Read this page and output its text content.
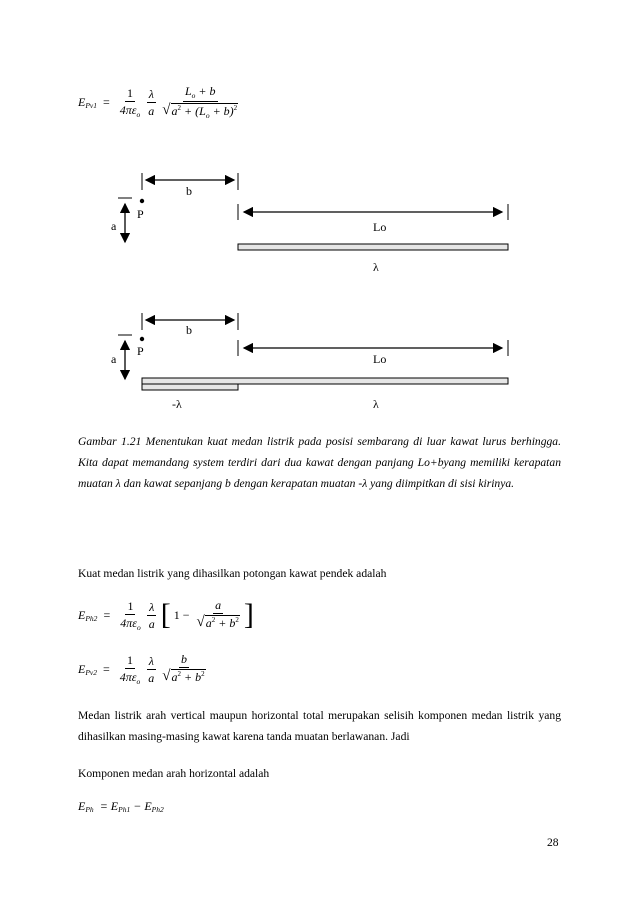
E $Pv1 = \frac{1}{4\pi\varepsilon_o} \frac{\lambda}{a} \frac{L_o + b}{√ a^2 + (L_o + b)^2}$
b
P
a	Lo
λ
b
P
a	Lo
-λ	λ
Gambar 1.21 Menentukan kuat medan listrik pada posisi sembarang di luar kawat lurus berhingga. Kita dapat memandang system terdiri dari dua kawat dengan panjang Lo+byang memiliki kerapatan muatan λ dan kawat sepanjang b dengan kerapatan muatan -λ yang diimpitkan di sisi kirinya.
Kuat medan listrik yang dihasilkan potongan kawat pendek adalah
E $Ph2 = \frac{1}{4\pi\varepsilon_o} \frac{\lambda}{a}$ [ $1 - \frac{a}{√ a^2 + b^2}$ ]
E $Pv2 = \frac{1}{4\pi\varepsilon_o} \frac{\lambda}{a} \frac{b}{√ a^2 + b^2}$
Medan listrik arah vertical maupun horizontal total merupakan selisih komponen medan listrik yang dihasilkan masing-masing kawat karena tanda muatan berlawanan. Jadi
Komponen medan arah horizontal adalah
E Ph = E Ph1 − E Ph2
28
